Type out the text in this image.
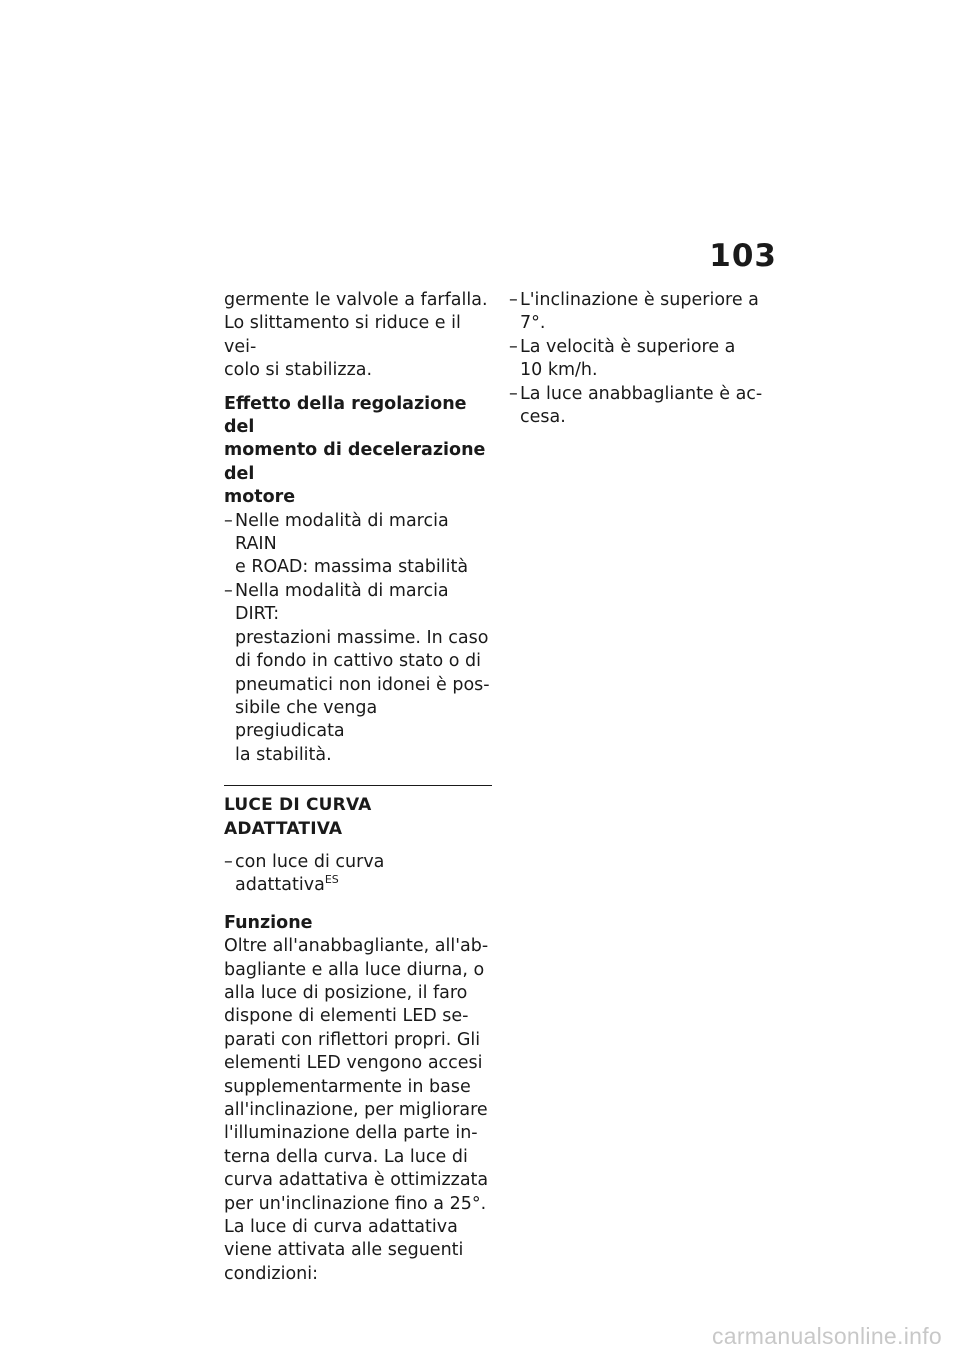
103

germente le valvole a farfalla.

Lo slittamento si riduce e il vei-

colo si stabilizza.

Effetto della regolazione del

momento di decelerazione del

motore

– Nelle modalità di marcia RAIN
e ROAD: massima stabilità
– Nella modalità di marcia DIRT:
prestazioni massime. In caso
di fondo in cattivo stato o di
pneumatici non idonei è pos-
sibile che venga pregiudicata
la stabilità.

LUCE DI CURVA ADATTATIVA

– con luce di curva adattativa$^{ES}$

Funzione

Oltre all'anabbagliante, all'ab-

bagliante e alla luce diurna, o

alla luce di posizione, il faro

dispone di elementi LED se-

parati con riflettori propri. Gli

elementi LED vengono accesi

supplementarmente in base

all'inclinazione, per migliorare

l'illuminazione della parte in-

terna della curva. La luce di

curva adattativa è ottimizzata

per un'inclinazione fino a 25°.

La luce di curva adattativa

viene attivata alle seguenti

condizioni:

– L'inclinazione è superiore a 7°.
– La velocità è superiore a
10 km/h.
– La luce anabbagliante è ac-
cesa.
carmanualsonline.info
